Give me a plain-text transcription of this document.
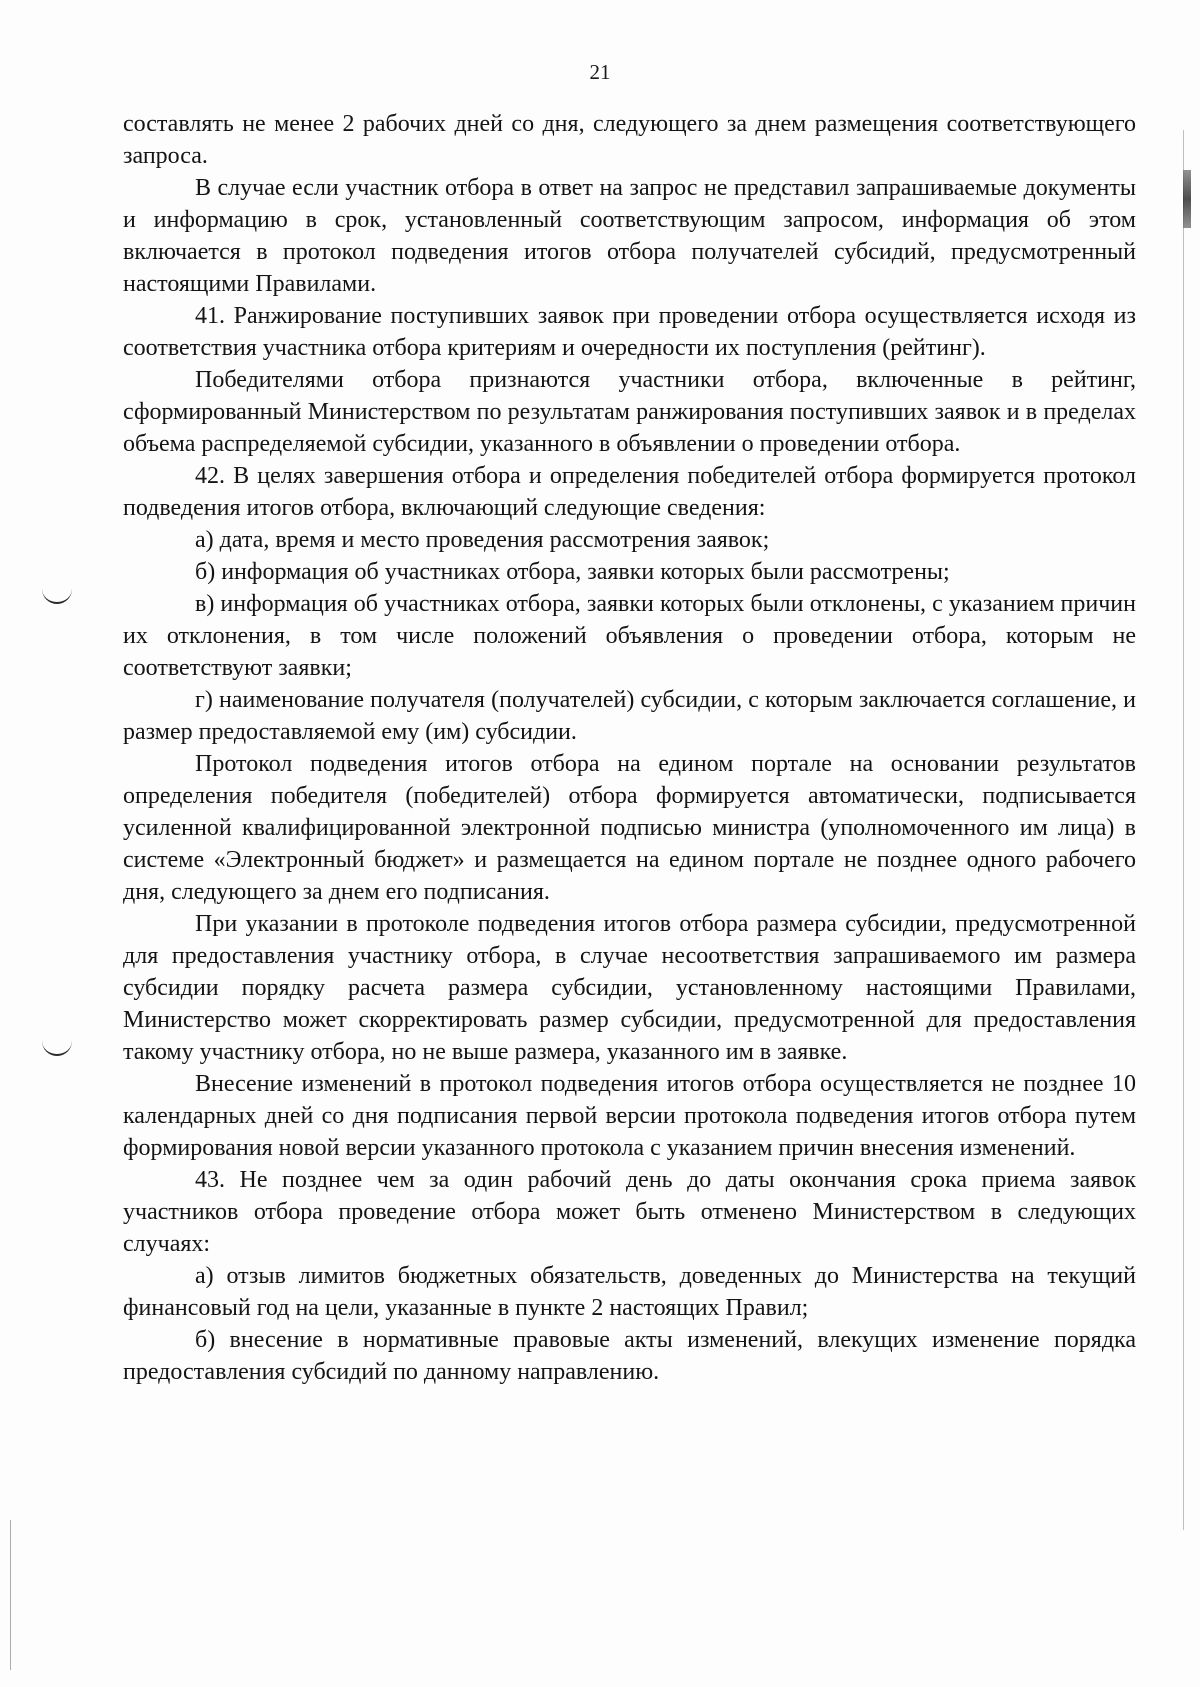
21

составлять не менее 2 рабочих дней со дня, следующего за днем размещения соответствующего запроса.

В случае если участник отбора в ответ на запрос не представил запрашиваемые документы и информацию в срок, установленный соответствующим запросом, информация об этом включается в протокол подведения итогов отбора получателей субсидий, предусмотренный настоящими Правилами.

41. Ранжирование поступивших заявок при проведении отбора осуществляется исходя из соответствия участника отбора критериям и очередности их поступления (рейтинг).

Победителями отбора признаются участники отбора, включенные в рейтинг, сформированный Министерством по результатам ранжирования поступивших заявок и в пределах объема распределяемой субсидии, указанного в объявлении о проведении отбора.

42. В целях завершения отбора и определения победителей отбора формируется протокол подведения итогов отбора, включающий следующие сведения:

а) дата, время и место проведения рассмотрения заявок;

б) информация об участниках отбора, заявки которых были рассмотрены;

в) информация об участниках отбора, заявки которых были отклонены, с указанием причин их отклонения, в том числе положений объявления о проведении отбора, которым не соответствуют заявки;

г) наименование получателя (получателей) субсидии, с которым заключается соглашение, и размер предоставляемой ему (им) субсидии.

Протокол подведения итогов отбора на едином портале на основании результатов определения победителя (победителей) отбора формируется автоматически, подписывается усиленной квалифицированной электронной подписью министра (уполномоченного им лица) в системе «Электронный бюджет» и размещается на едином портале не позднее одного рабочего дня, следующего за днем его подписания.

При указании в протоколе подведения итогов отбора размера субсидии, предусмотренной для предоставления участнику отбора, в случае несоответствия запрашиваемого им размера субсидии порядку расчета размера субсидии, установленному настоящими Правилами, Министерство может скорректировать размер субсидии, предусмотренной для предоставления такому участнику отбора, но не выше размера, указанного им в заявке.

Внесение изменений в протокол подведения итогов отбора осуществляется не позднее 10 календарных дней со дня подписания первой версии протокола подведения итогов отбора путем формирования новой версии указанного протокола с указанием причин внесения изменений.

43. Не позднее чем за один рабочий день до даты окончания срока приема заявок участников отбора проведение отбора может быть отменено Министерством в следующих случаях:

а) отзыв лимитов бюджетных обязательств, доведенных до Министерства на текущий финансовый год на цели, указанные в пункте 2 настоящих Правил;

б) внесение в нормативные правовые акты изменений, влекущих изменение порядка предоставления субсидий по данному направлению.
